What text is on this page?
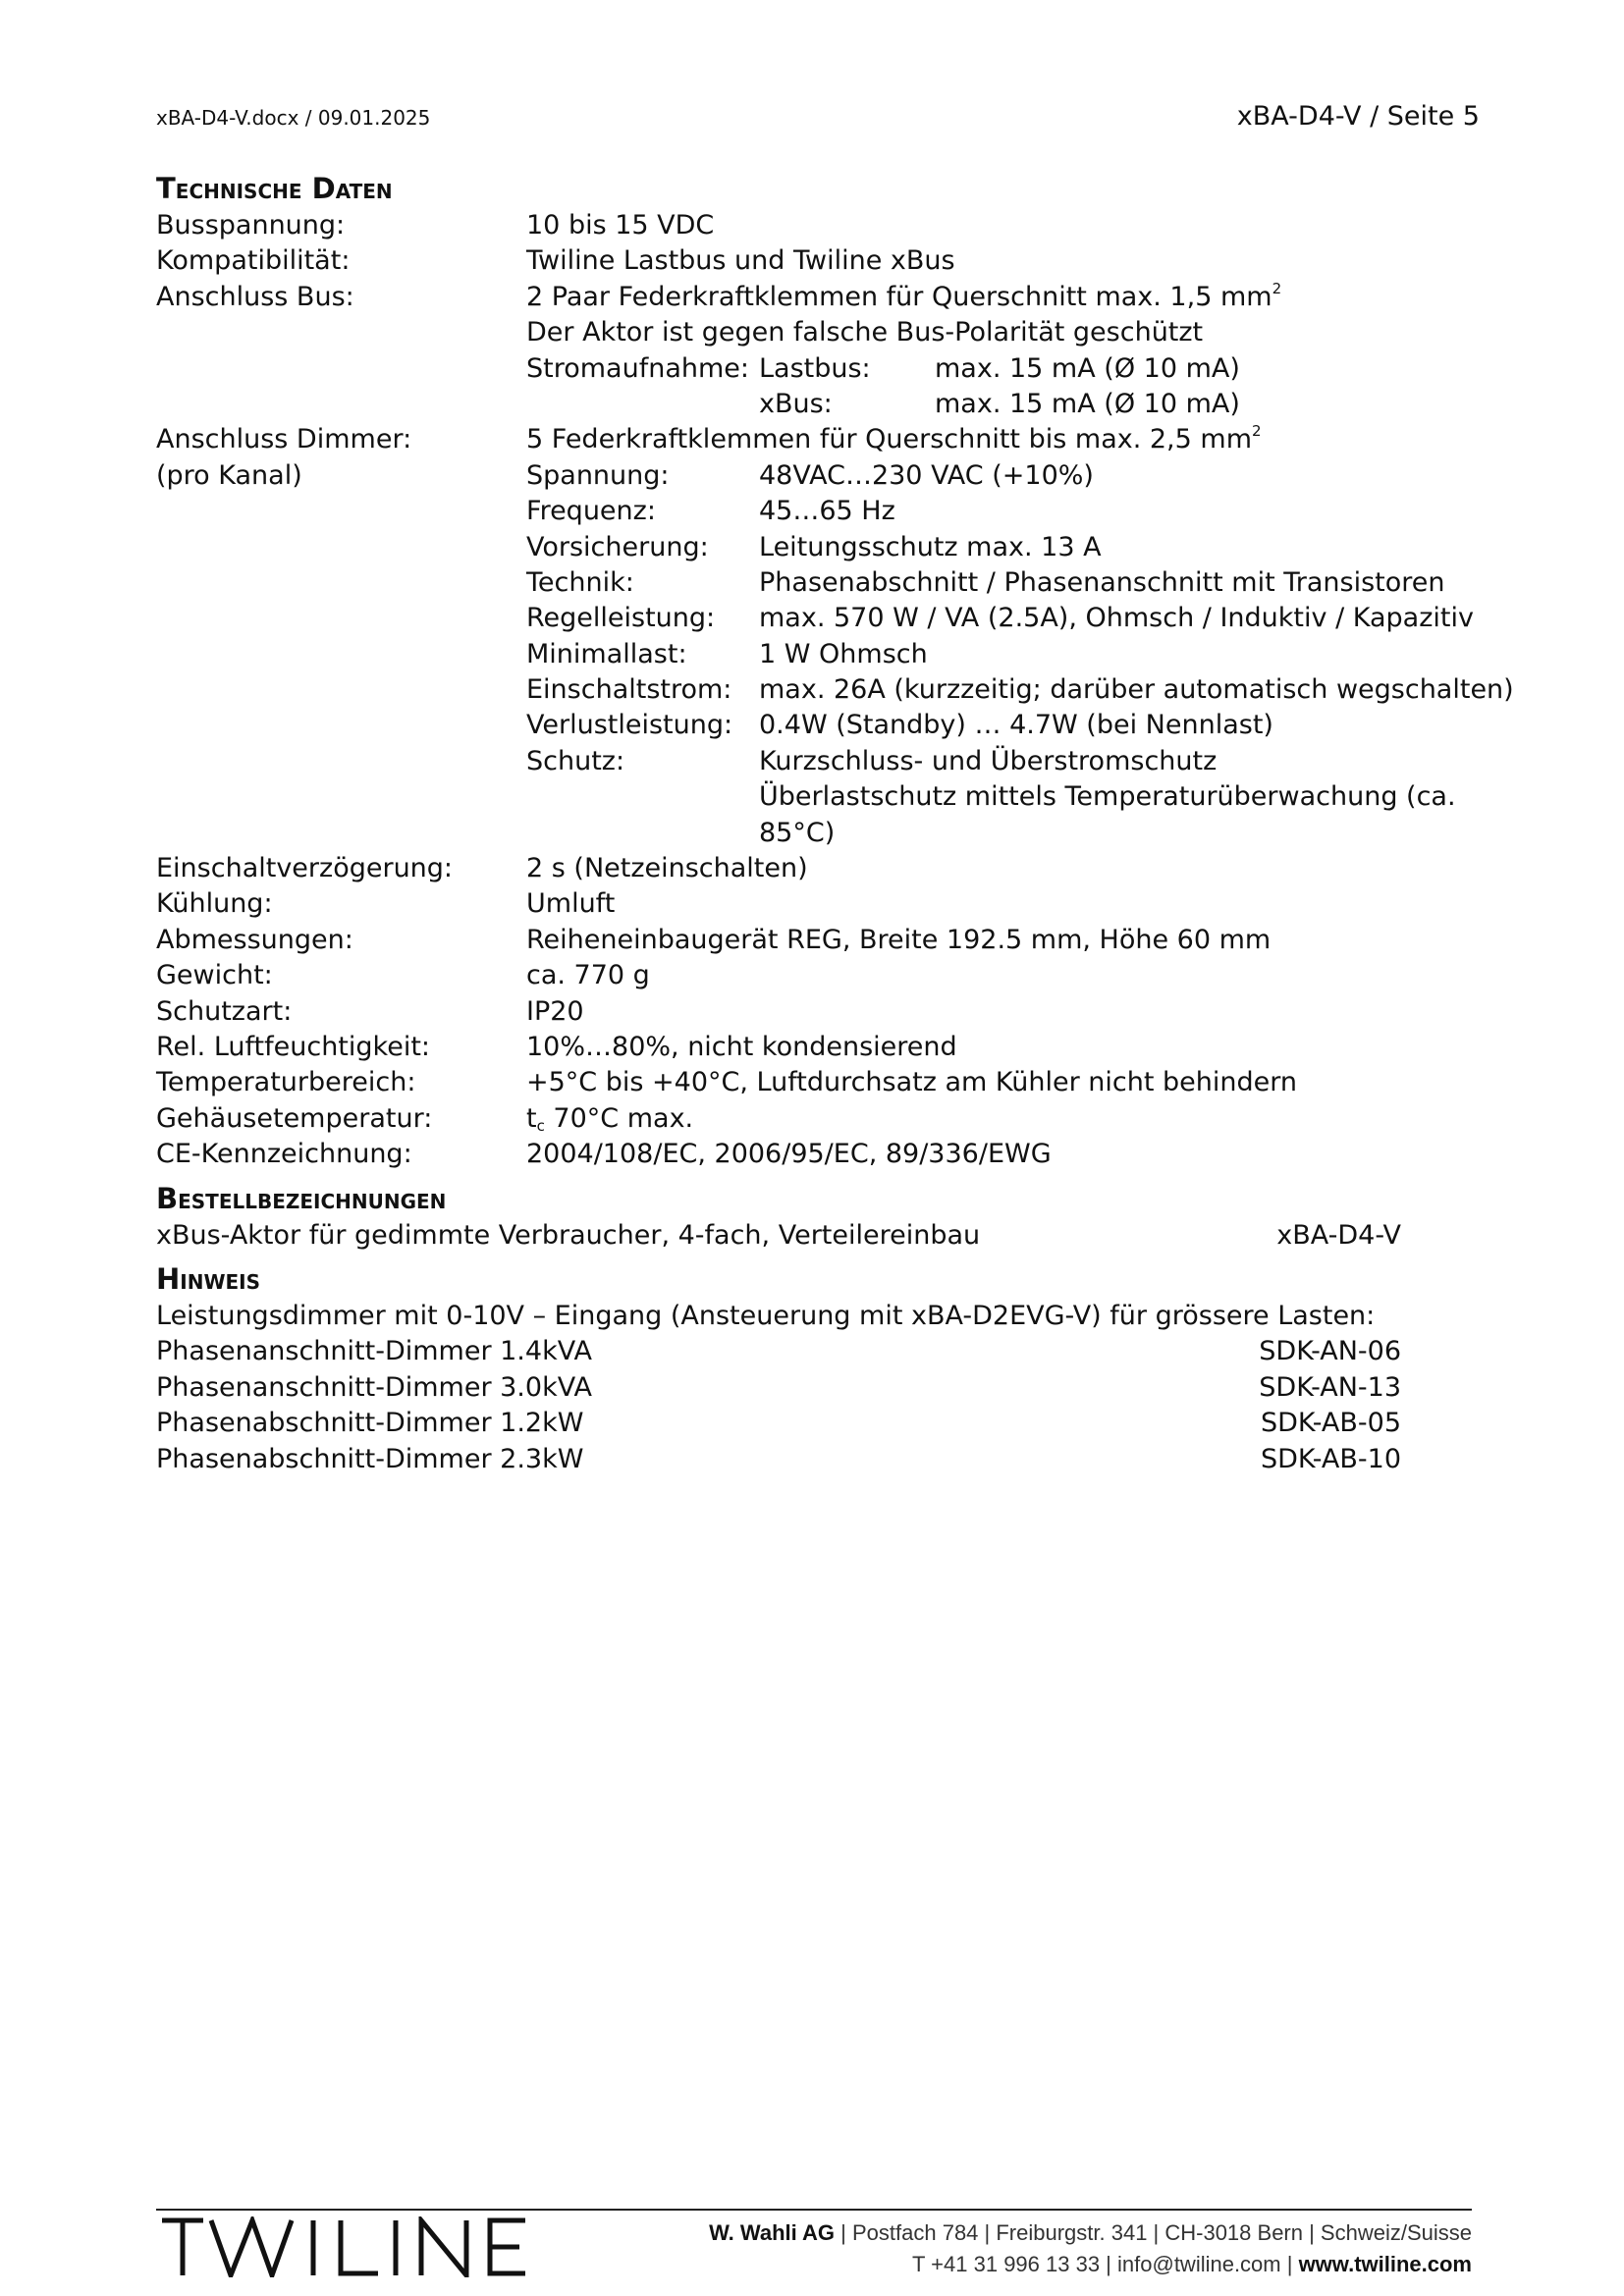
xBA-D4-V.docx / 09.01.2025	xBA-D4-V / Seite 5
Technische Daten
Busspannung:	10 bis 15 VDC
Kompatibilität:	Twiline Lastbus und Twiline xBus
Anschluss Bus:	2 Paar Federkraftklemmen für Querschnitt max. 1,5 $mm^2$
Der Aktor ist gegen falsche Bus-Polarität geschützt
Stromaufnahme: Lastbus: max. 15 mA (Ø 10 mA)
xBus:	max. 15 mA (Ø 10 mA)
Anschluss Dimmer:	5 Federkraftklemmen für Querschnitt bis max. 2,5 $mm^2$
(pro Kanal)	Spannung:	48VAC…230 VAC (+10%)
Frequenz:	45…65 Hz
Vorsicherung: Leitungsschutz max. 13 A
Technik:	Phasenabschnitt / Phasenanschnitt mit Transistoren
Regelleistung: max. 570 W / VA (2.5A), Ohmsch / Induktiv / Kapazitiv
Minimallast:	1 W Ohmsch
Einschaltstrom: max. 26A (kurzzeitig; darüber automatisch wegschalten)
Verlustleistung: 0.4W (Standby) … 4.7W (bei Nennlast)
Schutz:	Kurzschluss- und Überstromschutz
Überlastschutz mittels Temperaturüberwachung (ca.
85°C)
Einschaltverzögerung:	2 s (Netzeinschalten)
Kühlung:	Umluft
Abmessungen:	Reiheneinbaugerät REG, Breite 192.5 mm, Höhe 60 mm
Gewicht:	ca. 770 g
Schutzart:	IP20
Rel. Luftfeuchtigkeit:	10%…80%, nicht kondensierend
Temperaturbereich:	+5°C bis +40°C, Luftdurchsatz am Kühler nicht behindern
Gehäusetemperatur:	$t_c$ 70°C max.
CE-Kennzeichnung:	2004/108/EC, 2006/95/EC, 89/336/EWG
Bestellbezeichnungen
xBus-Aktor für gedimmte Verbraucher, 4-fach, Verteilereinbau	xBA-D4-V
Hinweis
Leistungsdimmer mit 0-10V – Eingang (Ansteuerung mit xBA-D2EVG-V) für grössere Lasten:
Phasenanschnitt-Dimmer 1.4kVA	SDK-AN-06
Phasenanschnitt-Dimmer 3.0kVA	SDK-AN-13
Phasenabschnitt-Dimmer 1.2kW	SDK-AB-05
Phasenabschnitt-Dimmer 2.3kW	SDK-AB-10
W. Wahli AG | Postfach 784 | Freiburgstr. 341 | CH-3018 Bern | Schweiz/Suisse
T +41 31 996 13 33 | info@twiline.com | www.twiline.com
